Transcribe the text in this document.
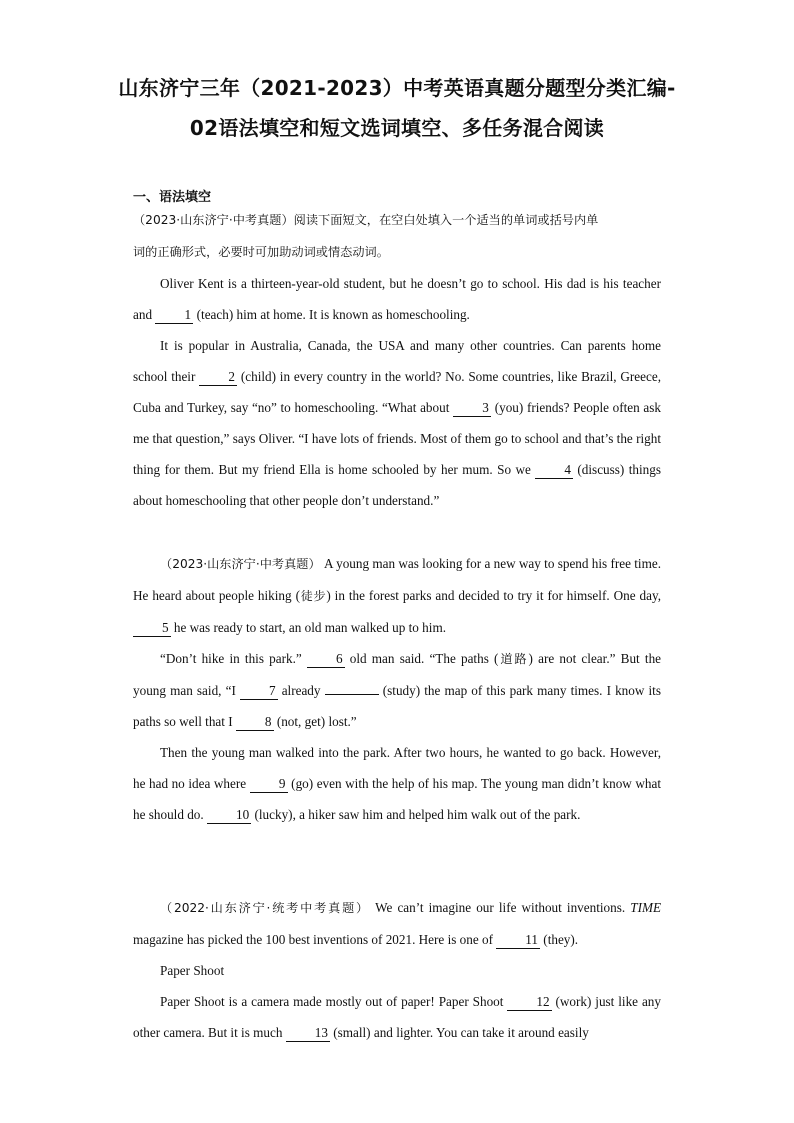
山东济宁三年（2021-2023）中考英语真题分题型分类汇编-
02语法填空和短文选词填空、多任务混合阅读
一、语法填空

（2023·山东济宁·中考真题）阅读下面短文，在空白处填入一个适当的单词或括号内单
词的正确形式，必要时可加助动词或情态动词。

Oliver Kent is a thirteen-year-old student, but he doesn’t go to school. His dad is his teacher and 1 (teach) him at home. It is known as homeschooling.

It is popular in Australia, Canada, the USA and many other countries. Can parents home school their 2 (child) in every country in the world? No. Some countries, like Brazil, Greece, Cuba and Turkey, say “no” to homeschooling. “What about 3 (you) friends? People often ask me that question,” says Oliver. “I have lots of friends. Most of them go to school and that’s the right thing for them. But my friend Ella is home schooled by her mum. So we 4 (discuss) things about homeschooling that other people don’t understand.”

（2023·山东济宁·中考真题） A young man was looking for a new way to spend his free time. He heard about people hiking (徒步) in the forest parks and decided to try it for himself. One day, 5 he was ready to start, an old man walked up to him.

“Don’t hike in this park.” 6 old man said. “The paths (道路) are not clear.” But the young man said, “I 7 already	(study) the map of this park many times. I know its paths so well that I 8 (not, get) lost.”

Then the young man walked into the park. After two hours, he wanted to go back. However, he had no idea where 9 (go) even with the help of his map. The young man didn’t know what he should do. 10 (lucky), a hiker saw him and helped him walk out of the park.

（2022·山东济宁·统考中考真题） We can’t imagine our life without inventions. TIME magazine has picked the 100 best inventions of 2021. Here is one of 11 (they).

Paper Shoot

Paper Shoot is a camera made mostly out of paper! Paper Shoot 12 (work) just like any other camera. But it is much 13 (small) and lighter. You can take it around easily
